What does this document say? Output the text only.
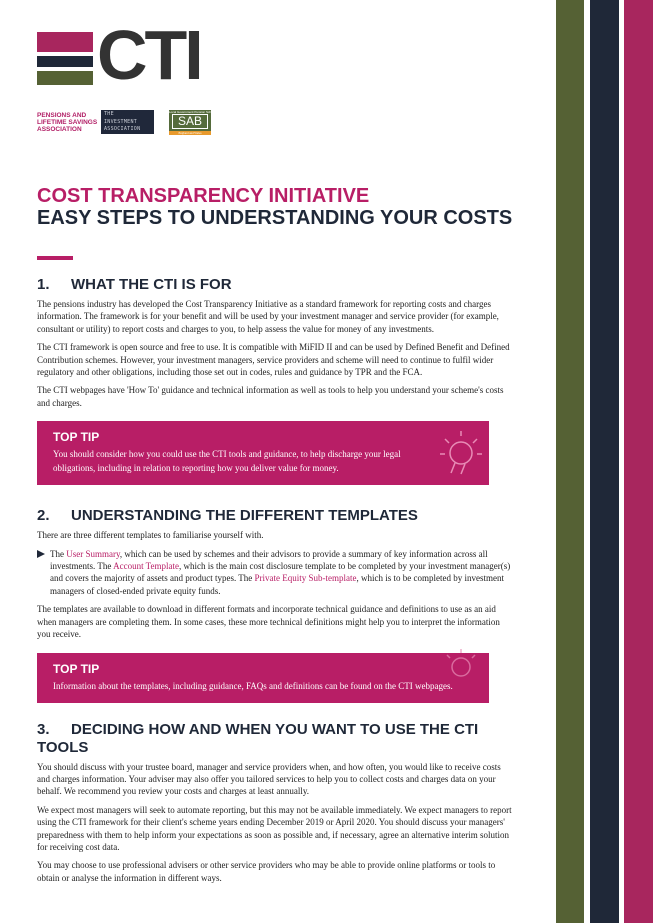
CTI
PENSIONS AND LIFETIME SAVINGS ASSOCIATION
THE
INVESTMENT
ASSOCIATION
Local Government Pension Scheme
SAB
England and Wales
COST TRANSPARENCY INITIATIVE
EASY STEPS TO UNDERSTANDING YOUR COSTS
1. WHAT THE CTI IS FOR
The pensions industry has developed the Cost Transparency Initiative as a standard framework for reporting costs and charges information. The framework is for your benefit and will be used by your investment manager and service provider (for example, consultant or utility) to report costs and charges to you, to help assess the value for money of any investments.
The CTI framework is open source and free to use. It is compatible with MiFID II and can be used by Defined Benefit and Defined Contribution schemes. However, your investment managers, service providers and scheme will need to continue to fulfil wider regulatory and other obligations, including those set out in codes, rules and guidance by TPR and the FCA.
The CTI webpages have 'How To' guidance and technical information as well as tools to help you understand your scheme's costs and charges.
TOP TIP
You should consider how you could use the CTI tools and guidance, to help discharge your legal obligations, including in relation to reporting how you deliver value for money.
2. UNDERSTANDING THE DIFFERENT TEMPLATES
There are three different templates to familiarise yourself with.
The User Summary, which can be used by schemes and their advisors to provide a summary of key information across all investments. The Account Template, which is the main cost disclosure template to be completed by your investment manager(s) and covers the majority of assets and product types. The Private Equity Sub-template, which is to be completed by investment managers of closed-ended private equity funds.
The templates are available to download in different formats and incorporate technical guidance and definitions to use as an aid when managers are completing them. In some cases, these more technical definitions might help you to interpret the information you receive.
TOP TIP
Information about the templates, including guidance, FAQs and definitions can be found on the CTI webpages.
3. DECIDING HOW AND WHEN YOU WANT TO USE THE CTI TOOLS
You should discuss with your trustee board, manager and service providers when, and how often, you would like to receive costs and charges information. Your adviser may also offer you tailored services to help you to collect costs and charges data on your behalf. We recommend you review your costs and charges at least annually.
We expect most managers will seek to automate reporting, but this may not be available immediately. We expect managers to report using the CTI framework for their client's scheme years ending December 2019 or April 2020. You should discuss your managers' preparedness with them to help inform your expectations as soon as possible and, if necessary, agree an alternative interim solution for receiving cost data.
You may choose to use professional advisers or other service providers who may be able to provide online platforms or tools to obtain or analyse the information in different ways.
